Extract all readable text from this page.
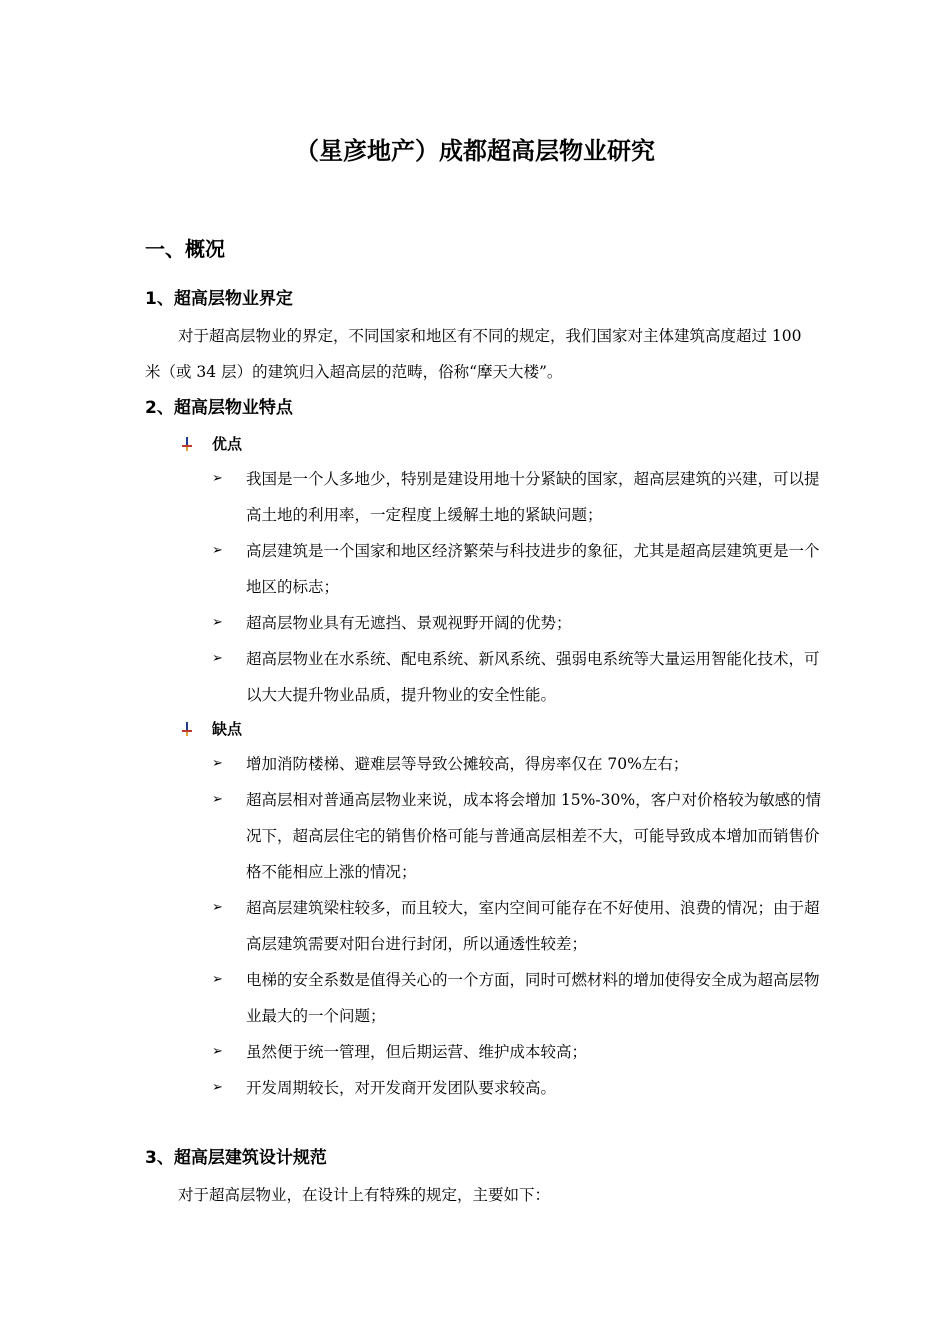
（星彦地产）成都超高层物业研究
一、概况
1、超高层物业界定
对于超高层物业的界定，不同国家和地区有不同的规定，我们国家对主体建筑高度超过 100 米（或 34 层）的建筑归入超高层的范畴，俗称“摩天大楼”。
2、超高层物业特点
优点
➢	我国是一个人多地少，特别是建设用地十分紧缺的国家，超高层建筑的兴建，可以提高土地的利用率，一定程度上缓解土地的紧缺问题；
➢	高层建筑是一个国家和地区经济繁荣与科技进步的象征，尤其是超高层建筑更是一个地区的标志；
➢	超高层物业具有无遮挡、景观视野开阔的优势；
➢	超高层物业在水系统、配电系统、新风系统、强弱电系统等大量运用智能化技术，可以大大提升物业品质，提升物业的安全性能。
缺点
➢	增加消防楼梯、避难层等导致公摊较高，得房率仅在 70%左右；
➢	超高层相对普通高层物业来说，成本将会增加 15%-30%，客户对价格较为敏感的情况下，超高层住宅的销售价格可能与普通高层相差不大，可能导致成本增加而销售价格不能相应上涨的情况；
➢	超高层建筑梁柱较多，而且较大，室内空间可能存在不好使用、浪费的情况；由于超高层建筑需要对阳台进行封闭，所以通透性较差；
➢	电梯的安全系数是值得关心的一个方面，同时可燃材料的增加使得安全成为超高层物业最大的一个问题；
➢	虽然便于统一管理，但后期运营、维护成本较高；
➢	开发周期较长，对开发商开发团队要求较高。
3、超高层建筑设计规范
对于超高层物业，在设计上有特殊的规定，主要如下：
